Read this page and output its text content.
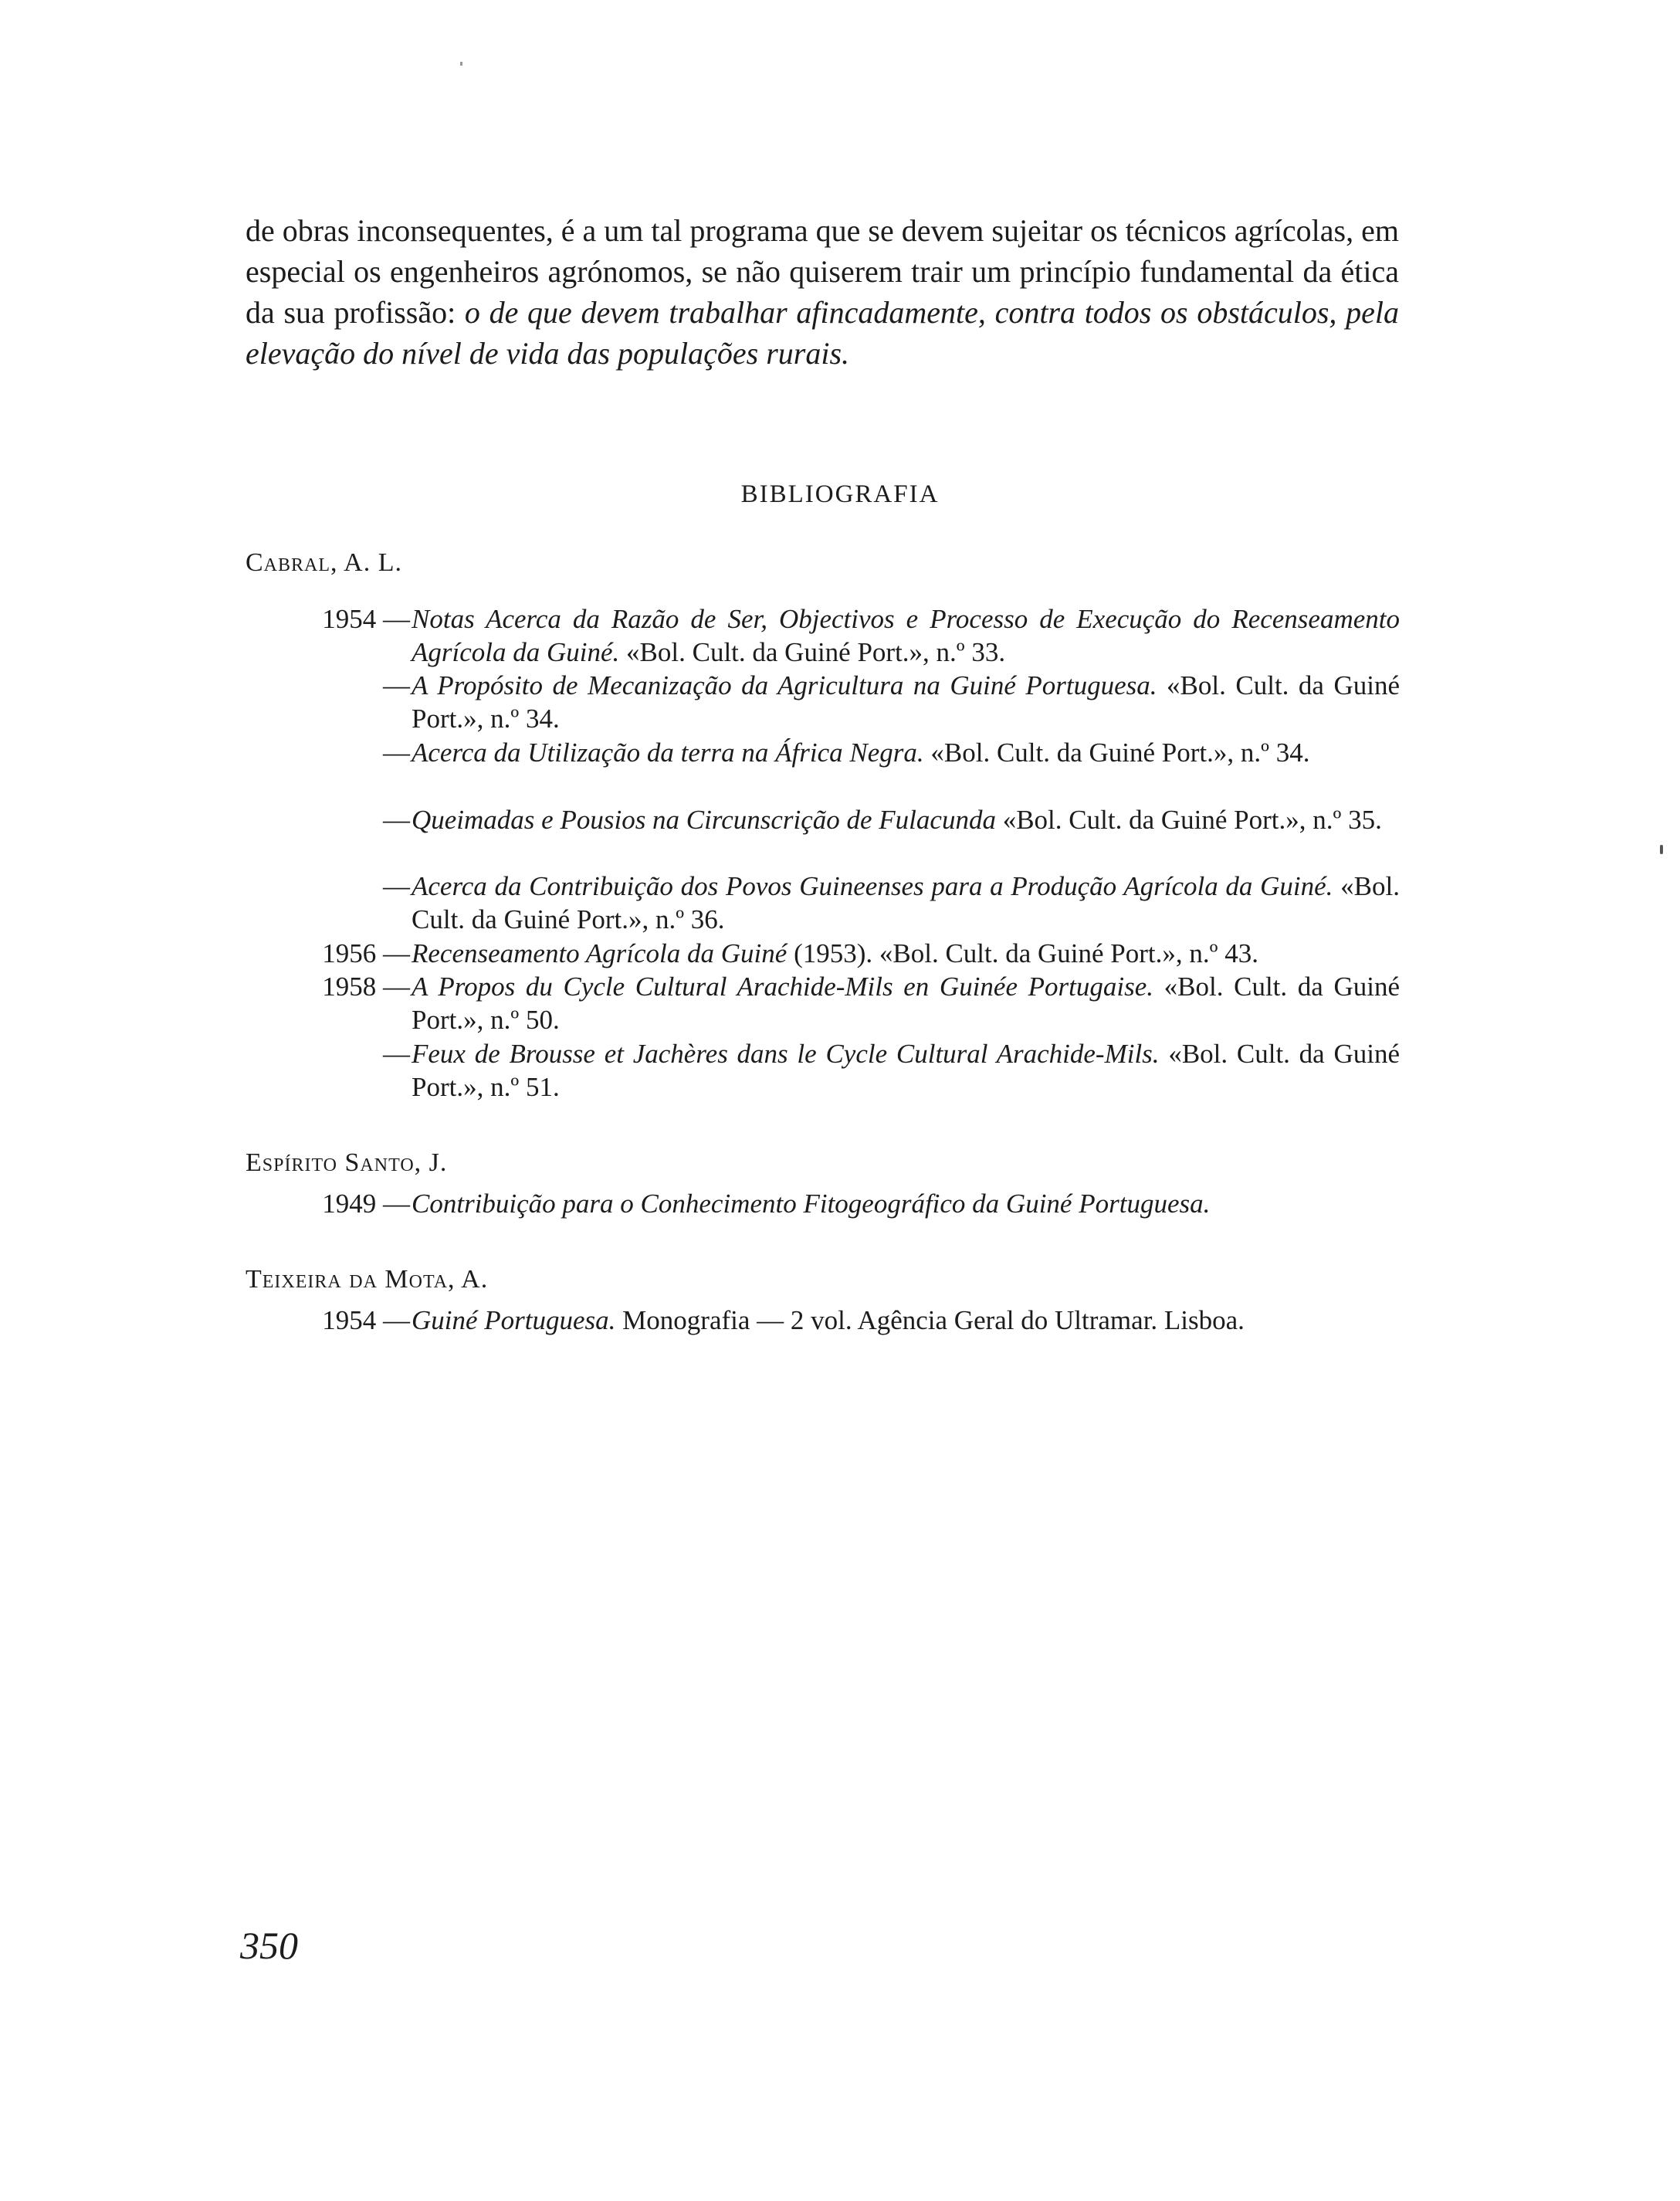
de obras inconsequentes, é a um tal programa que se devem sujeitar os técnicos agrícolas, em especial os engenheiros agrónomos, se não quiserem trair um princípio fundamental da ética da sua profissão: o de que devem trabalhar afincadamente, contra todos os obstáculos, pela elevação do nível de vida das populações rurais.

BIBLIOGRAFIA
Cabral, A. L.
1954 — Notas Acerca da Razão de Ser, Objectivos e Processo de Execução do Recenseamento Agrícola da Guiné. «Bol. Cult. da Guiné Port.», n.º 33.
— A Propósito de Mecanização da Agricultura na Guiné Portuguesa. «Bol. Cult. da Guiné Port.», n.º 34.
— Acerca da Utilização da terra na África Negra. «Bol. Cult. da Guiné Port.», n.º 34.
— Queimadas e Pousios na Circunscrição de Fulacunda «Bol. Cult. da Guiné Port.», n.º 35.
— Acerca da Contribuição dos Povos Guineenses para a Produção Agrícola da Guiné. «Bol. Cult. da Guiné Port.», n.º 36.
1956 — Recenseamento Agrícola da Guiné (1953). «Bol. Cult. da Guiné Port.», n.º 43.
1958 — A Propos du Cycle Cultural Arachide-Mils en Guinée Portugaise. «Bol. Cult. da Guiné Port.», n.º 50.
— Feux de Brousse et Jachères dans le Cycle Cultural Arachide-Mils. «Bol. Cult. da Guiné Port.», n.º 51.
Espírito Santo, J.
1949 — Contribuição para o Conhecimento Fitogeográfico da Guiné Portuguesa.
Teixeira da Mota, A.
1954 — Guiné Portuguesa. Monografia — 2 vol. Agência Geral do Ultramar. Lisboa.
350
